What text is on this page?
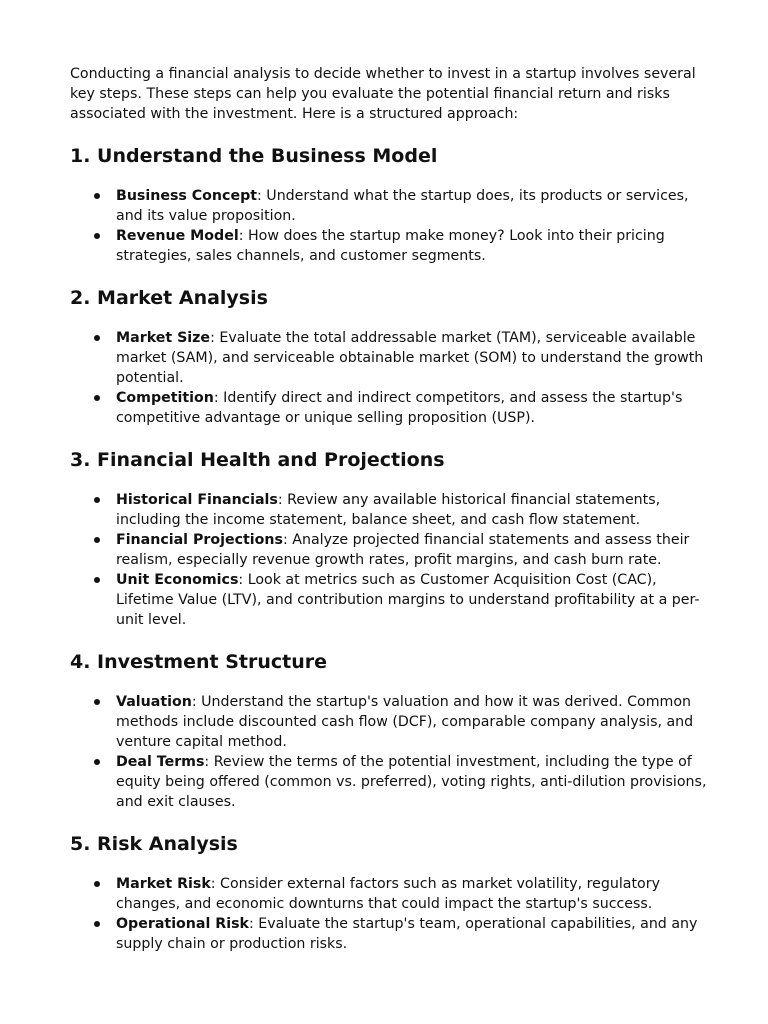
Conducting a financial analysis to decide whether to invest in a startup involves several key steps. These steps can help you evaluate the potential financial return and risks associated with the investment. Here is a structured approach:

1. Understand the Business Model
Business Concept: Understand what the startup does, its products or services, and its value proposition.
Revenue Model: How does the startup make money? Look into their pricing strategies, sales channels, and customer segments.
2. Market Analysis
Market Size: Evaluate the total addressable market (TAM), serviceable available market (SAM), and serviceable obtainable market (SOM) to understand the growth potential.
Competition: Identify direct and indirect competitors, and assess the startup's competitive advantage or unique selling proposition (USP).
3. Financial Health and Projections
Historical Financials: Review any available historical financial statements, including the income statement, balance sheet, and cash flow statement.
Financial Projections: Analyze projected financial statements and assess their realism, especially revenue growth rates, profit margins, and cash burn rate.
Unit Economics: Look at metrics such as Customer Acquisition Cost (CAC), Lifetime Value (LTV), and contribution margins to understand profitability at a per-unit level.
4. Investment Structure
Valuation: Understand the startup's valuation and how it was derived. Common methods include discounted cash flow (DCF), comparable company analysis, and venture capital method.
Deal Terms: Review the terms of the potential investment, including the type of equity being offered (common vs. preferred), voting rights, anti-dilution provisions, and exit clauses.
5. Risk Analysis
Market Risk: Consider external factors such as market volatility, regulatory changes, and economic downturns that could impact the startup's success.
Operational Risk: Evaluate the startup's team, operational capabilities, and any supply chain or production risks.
